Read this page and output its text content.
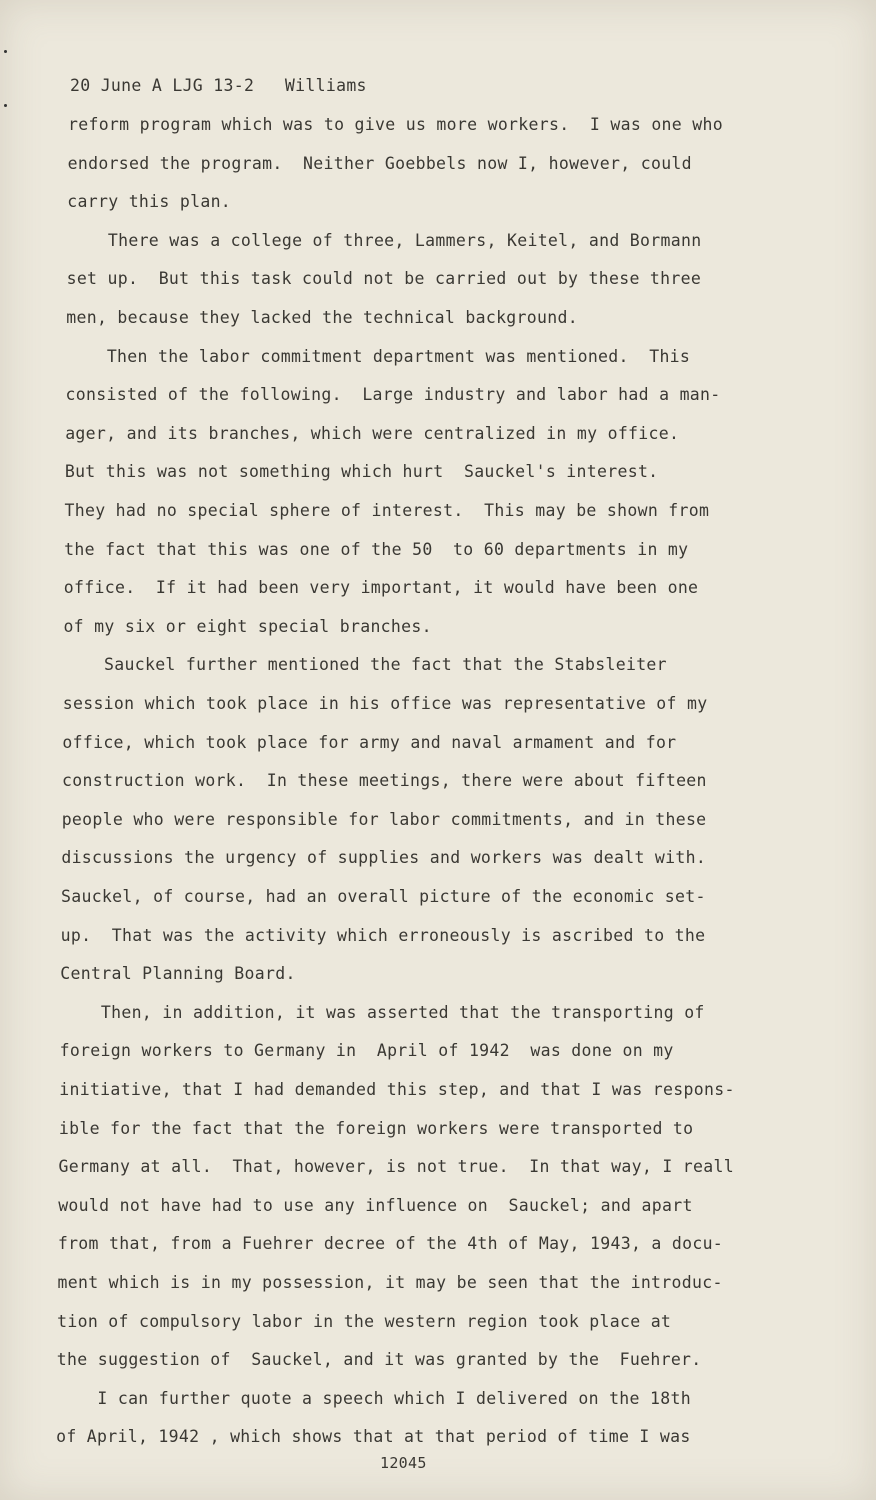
20 June A LJG 13-2   Williams
reform program which was to give us more workers.  I was one who
endorsed the program.  Neither Goebbels now I, however, could
carry this plan.
There was a college of three, Lammers, Keitel, and Bormann
set up.  But this task could not be carried out by these three
men, because they lacked the technical background.
Then the labor commitment department was mentioned.  This
consisted of the following.  Large industry and labor had a man-
ager, and its branches, which were centralized in my office.
But this was not something which hurt  Sauckel's interest.
They had no special sphere of interest.  This may be shown from
the fact that this was one of the 50  to 60 departments in my
office.  If it had been very important, it would have been one
of my six or eight special branches.
Sauckel further mentioned the fact that the Stabsleiter
session which took place in his office was representative of my
office, which took place for army and naval armament and for
construction work.  In these meetings, there were about fifteen
people who were responsible for labor commitments, and in these
discussions the urgency of supplies and workers was dealt with.
Sauckel, of course, had an overall picture of the economic set-
up.  That was the activity which erroneously is ascribed to the
Central Planning Board.
Then, in addition, it was asserted that the transporting of
foreign workers to Germany in  April of 1942  was done on my
initiative, that I had demanded this step, and that I was respons-
ible for the fact that the foreign workers were transported to
Germany at all.  That, however, is not true.  In that way, I reall
would not have had to use any influence on  Sauckel; and apart
from that, from a Fuehrer decree of the 4th of May, 1943, a docu-
ment which is in my possession, it may be seen that the introduc-
tion of compulsory labor in the western region took place at
the suggestion of  Sauckel, and it was granted by the  Fuehrer.
I can further quote a speech which I delivered on the 18th
of April, 1942 , which shows that at that period of time I was
12045
